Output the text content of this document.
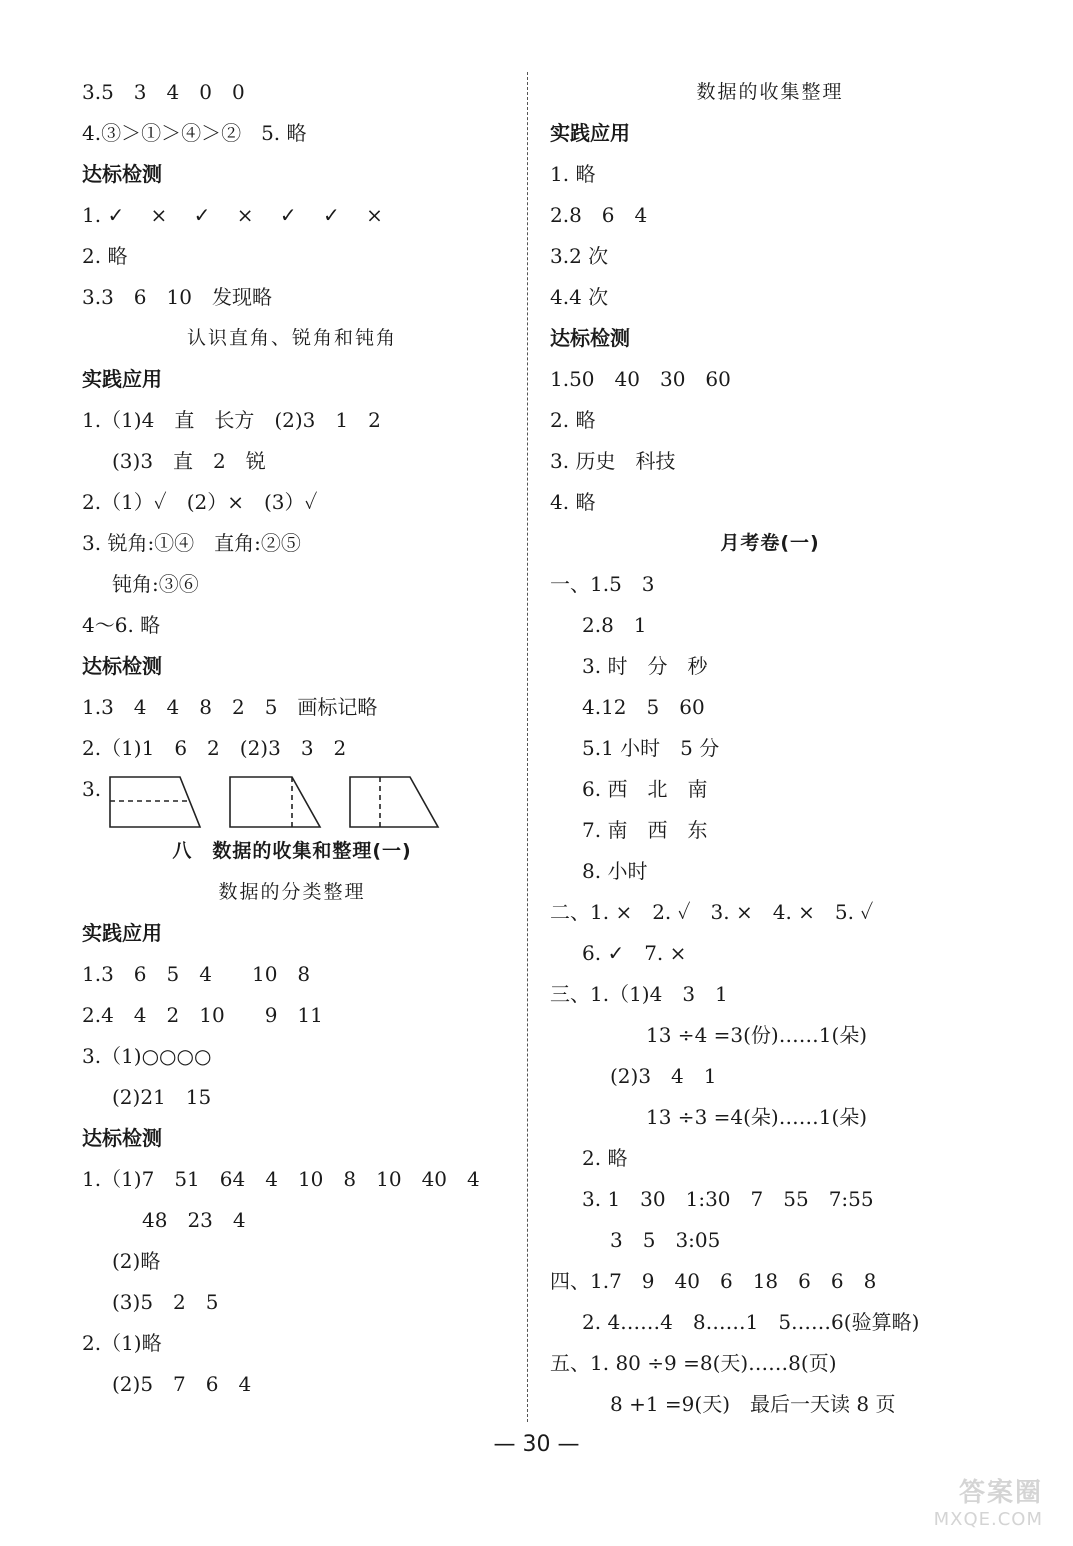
3.5　3　4　0　0
4.③＞①＞④＞②　5. 略
达标检测
1. ✓　 ×　 ✓　 ×　 ✓　 ✓　 ×
2. 略
3.3　6　10　发现略
认识直角、锐角和钝角
实践应用
1.（1)4　直　长方　(2)3　1　2
(3)3　直　2　锐
2.（1）✓　(2）×　(3）✓
3. 锐角:①④　直角:②⑤
钝角:③⑥
4～6. 略
达标检测
1.3　4　4　8　2　5　画标记略
2.（1)1　6　2　(2)3　3　2
3.
八　数据的收集和整理(一)
数据的分类整理
实践应用
1.3　6　5　4　　10　8
2.4　4　2　10　　9　11
3.（1)○○○○
(2)21　15
达标检测
1.（1)7　51　64　4　10　8　10　40　4
48　23　4
(2)略
(3)5　2　5
2.（1)略
(2)5　7　6　4
数据的收集整理
实践应用
1. 略
2.8　6　4
3.2 次
4.4 次
达标检测
1.50　40　30　60
2. 略
3. 历史　科技
4. 略
月考卷(一)
一、1.5　3
2.8　1
3. 时　分　秒
4.12　5　60
5.1 小时　5 分
6. 西　北　南
7. 南　西　东
8. 小时
二、1. ×　2. ✓　3. ×　4. ×　5. ✓
6. ✓　7. ×
三、1.（1)4　3　1
13 ÷4 =3(份)……1(朵)
(2)3　4　1
13 ÷3 =4(朵)……1(朵)
2. 略
3. 1　30　1:30　7　55　7:55
3　5　3:05
四、1.7　9　40　6　18　6　6　8
2. 4……4　8……1　5……6(验算略)
五、1. 80 ÷9 =8(天)……8(页)
8 +1 =9(天)　最后一天读 8 页
— 30 —
答案圈
MXQE.COM
